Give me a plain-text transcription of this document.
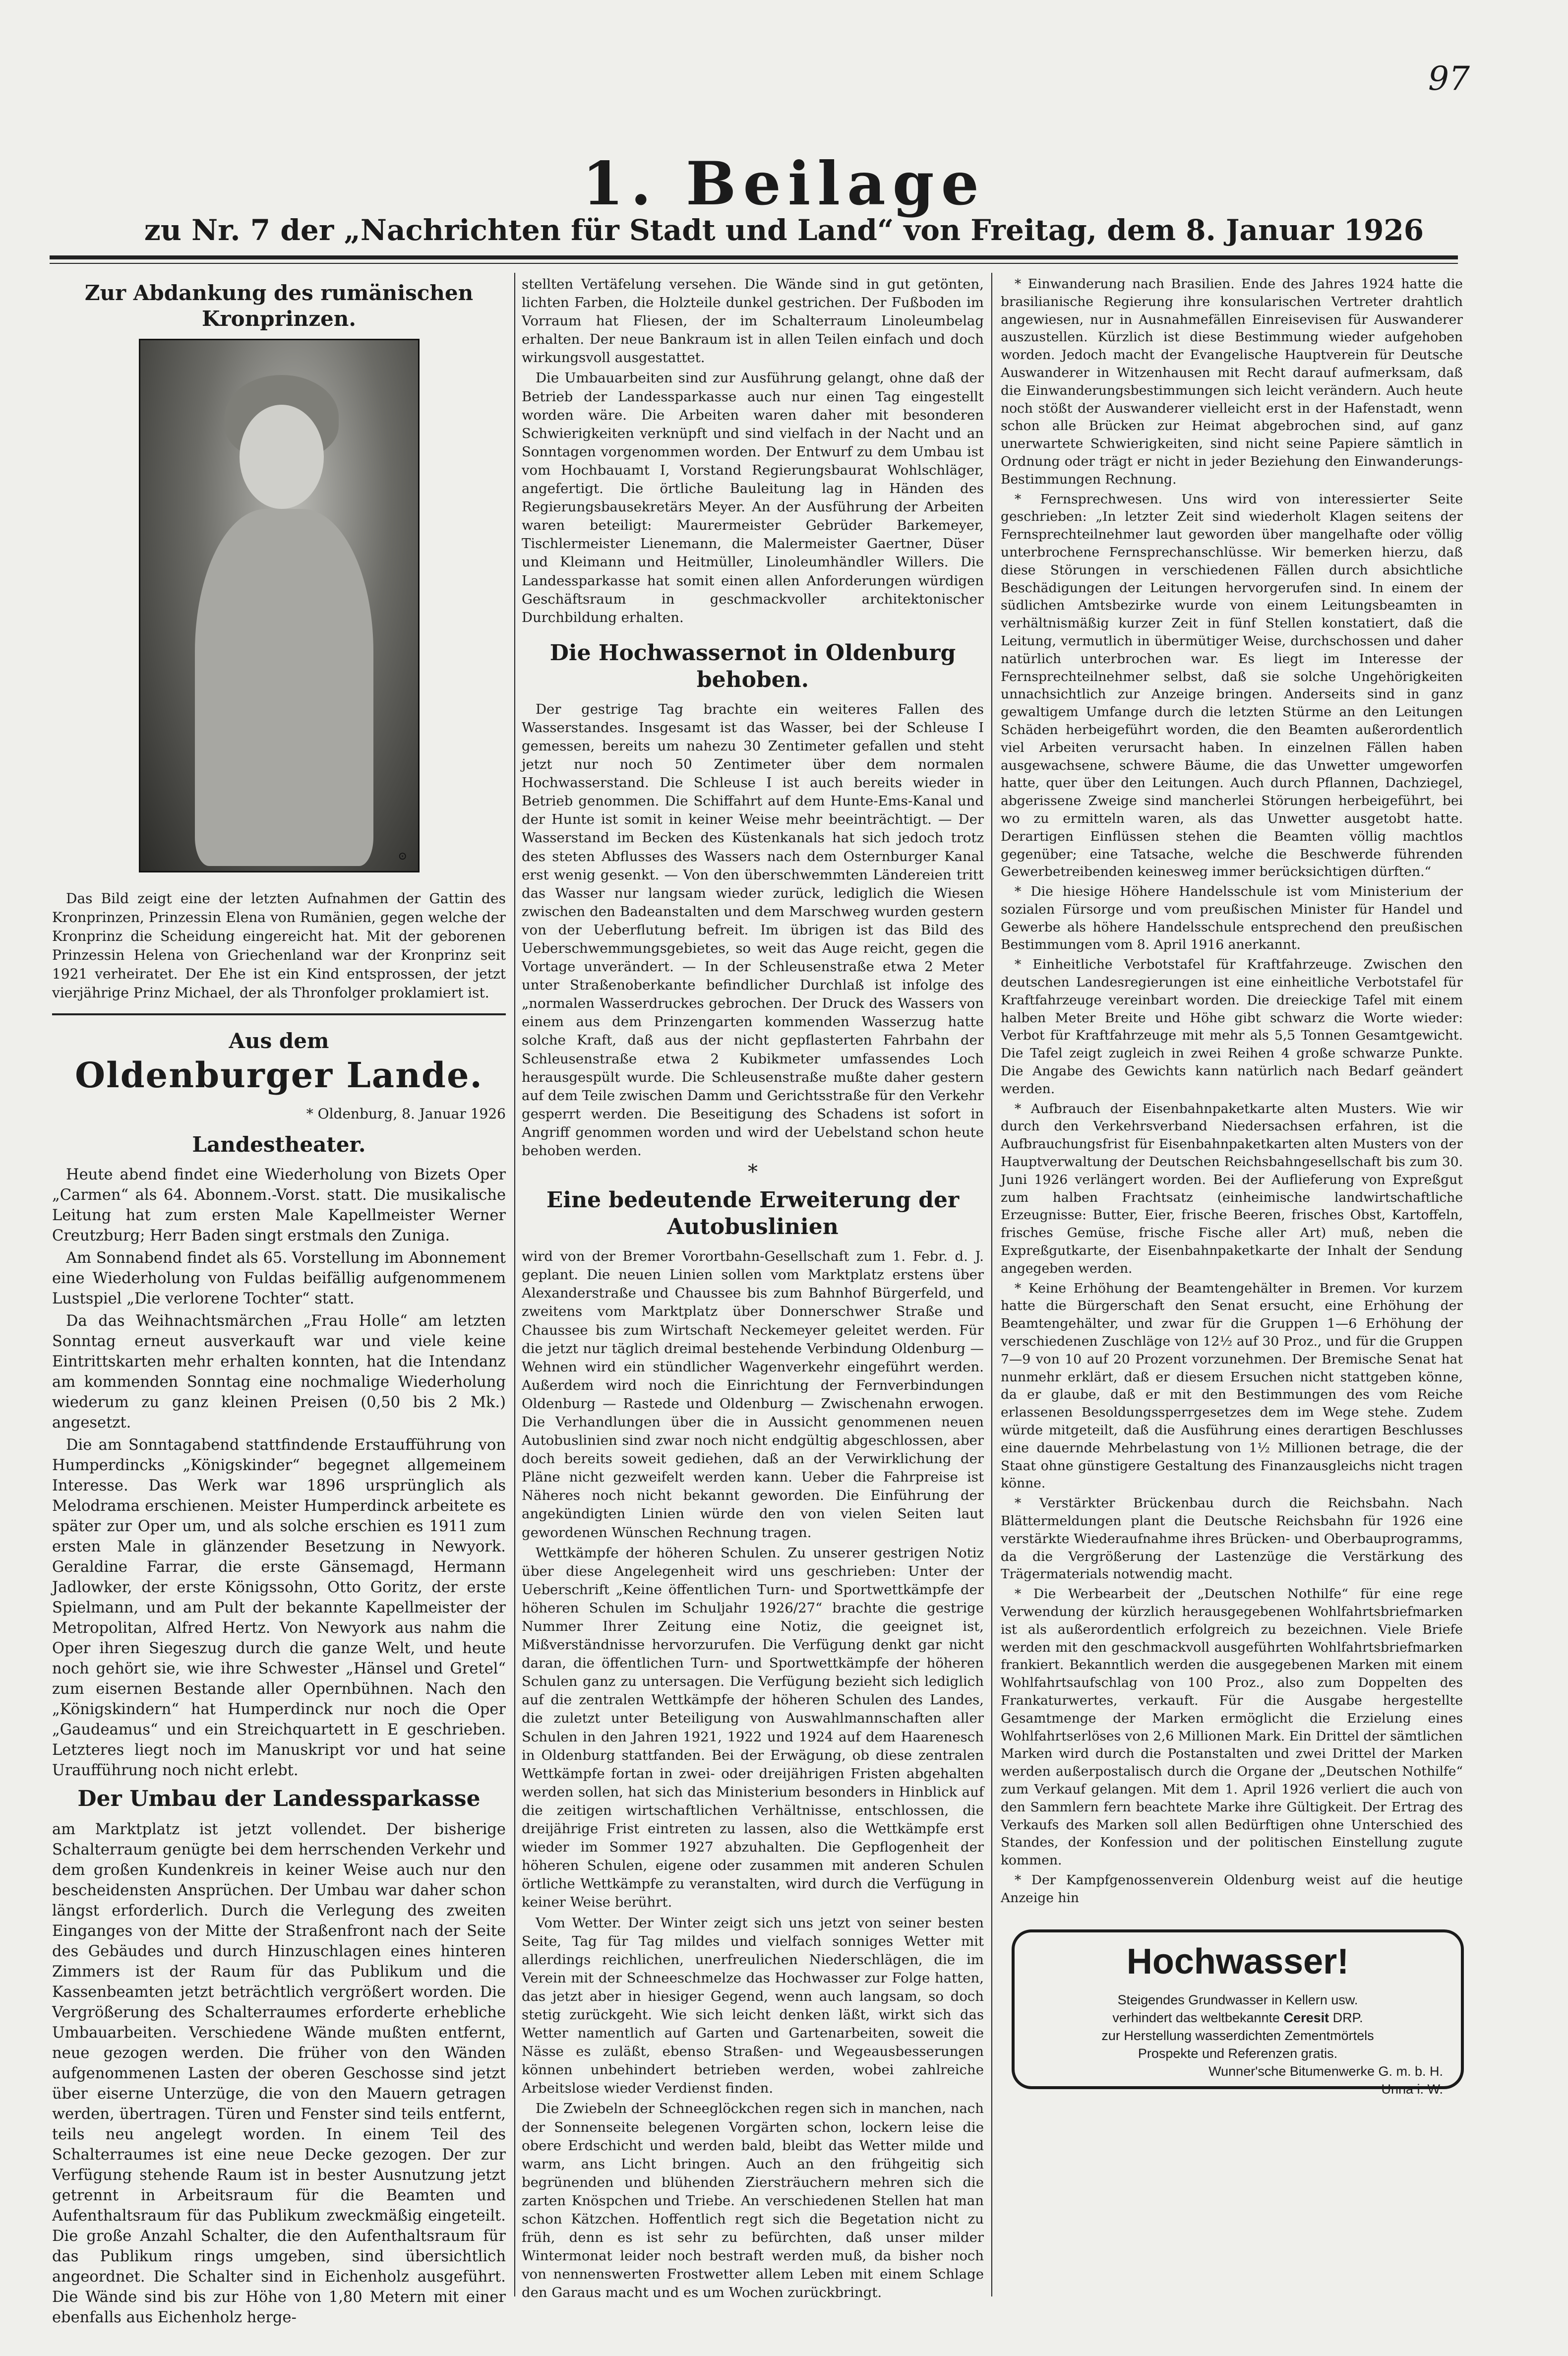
97
1. Beilage
zu Nr. 7 der „Nachrichten für Stadt und Land“ von Freitag, dem 8. Januar 1926
Zur Abdankung des rumänischen Kronprinzen.
⊙

Das Bild zeigt eine der letzten Aufnahmen der Gattin des Kronprinzen, Prinzessin Elena von Rumänien, gegen welche der Kronprinz die Scheidung eingereicht hat. Mit der geborenen Prinzessin Helena von Griechenland war der Kronprinz seit 1921 verheiratet. Der Ehe ist ein Kind entsprossen, der jetzt vierjährige Prinz Michael, der als Thronfolger proklamiert ist.

Aus dem
Oldenburger Lande.
* Oldenburg, 8. Januar 1926
Landestheater.

Heute abend findet eine Wiederholung von Bizets Oper „Carmen“ als 64. Abonnem.-Vorst. statt. Die musikalische Leitung hat zum ersten Male Kapellmeister Werner Creutzburg; Herr Baden singt erstmals den Zuniga.

Am Sonnabend findet als 65. Vorstellung im Abonnement eine Wiederholung von Fuldas beifällig aufgenommenem Lustspiel „Die verlorene Tochter“ statt.

Da das Weihnachtsmärchen „Frau Holle“ am letzten Sonntag erneut ausverkauft war und viele keine Eintrittskarten mehr erhalten konnten, hat die Intendanz am kommenden Sonntag eine nochmalige Wiederholung wiederum zu ganz kleinen Preisen (0,50 bis 2 Mk.) angesetzt.

Die am Sonntagabend stattfindende Erstaufführung von Humperdincks „Königskinder“ begegnet allgemeinem Interesse. Das Werk war 1896 ursprünglich als Melodrama erschienen. Meister Humperdinck arbeitete es später zur Oper um, und als solche erschien es 1911 zum ersten Male in glänzender Besetzung in Newyork. Geraldine Farrar, die erste Gänsemagd, Hermann Jadlowker, der erste Königssohn, Otto Goritz, der erste Spielmann, und am Pult der bekannte Kapellmeister der Metropolitan, Alfred Hertz. Von Newyork aus nahm die Oper ihren Siegeszug durch die ganze Welt, und heute noch gehört sie, wie ihre Schwester „Hänsel und Gretel“ zum eisernen Bestande aller Opernbühnen. Nach den „Königskindern“ hat Humperdinck nur noch die Oper „Gaudeamus“ und ein Streichquartett in E geschrieben. Letzteres liegt noch im Manuskript vor und hat seine Uraufführung noch nicht erlebt.

Der Umbau der Landessparkasse

am Marktplatz ist jetzt vollendet. Der bisherige Schalterraum genügte bei dem herrschenden Verkehr und dem großen Kundenkreis in keiner Weise auch nur den bescheidensten Ansprüchen. Der Umbau war daher schon längst erforderlich. Durch die Verlegung des zweiten Einganges von der Mitte der Straßenfront nach der Seite des Gebäudes und durch Hinzuschlagen eines hinteren Zimmers ist der Raum für das Publikum und die Kassenbeamten jetzt beträchtlich vergrößert worden. Die Vergrößerung des Schalterraumes erforderte erhebliche Umbauarbeiten. Verschiedene Wände mußten entfernt, neue gezogen werden. Die früher von den Wänden aufgenommenen Lasten der oberen Geschosse sind jetzt über eiserne Unterzüge, die von den Mauern getragen werden, übertragen. Türen und Fenster sind teils entfernt, teils neu angelegt worden. In einem Teil des Schalterraumes ist eine neue Decke gezogen. Der zur Verfügung stehende Raum ist in bester Ausnutzung jetzt getrennt in Arbeitsraum für die Beamten und Aufenthaltsraum für das Publikum zweckmäßig eingeteilt. Die große Anzahl Schalter, die den Aufenthaltsraum für das Publikum rings umgeben, sind übersichtlich angeordnet. Die Schalter sind in Eichenholz ausgeführt. Die Wände sind bis zur Höhe von 1,80 Metern mit einer ebenfalls aus Eichenholz herge-

stellten Vertäfelung versehen. Die Wände sind in gut getönten, lichten Farben, die Holzteile dunkel gestrichen. Der Fußboden im Vorraum hat Fliesen, der im Schalterraum Linoleumbelag erhalten. Der neue Bankraum ist in allen Teilen einfach und doch wirkungsvoll ausgestattet.

Die Umbauarbeiten sind zur Ausführung gelangt, ohne daß der Betrieb der Landessparkasse auch nur einen Tag eingestellt worden wäre. Die Arbeiten waren daher mit besonderen Schwierigkeiten verknüpft und sind vielfach in der Nacht und an Sonntagen vorgenommen worden. Der Entwurf zu dem Umbau ist vom Hochbauamt I, Vorstand Regierungsbaurat Wohlschläger, angefertigt. Die örtliche Bauleitung lag in Händen des Regierungsbausekretärs Meyer. An der Ausführung der Arbeiten waren beteiligt: Maurermeister Gebrüder Barkemeyer, Tischlermeister Lienemann, die Malermeister Gaertner, Düser und Kleimann und Heitmüller, Linoleumhändler Willers. Die Landessparkasse hat somit einen allen Anforderungen würdigen Geschäftsraum in geschmackvoller architektonischer Durchbildung erhalten.

Die Hochwassernot in Oldenburg behoben.

Der gestrige Tag brachte ein weiteres Fallen des Wasserstandes. Insgesamt ist das Wasser, bei der Schleuse I gemessen, bereits um nahezu 30 Zentimeter gefallen und steht jetzt nur noch 50 Zentimeter über dem normalen Hochwasserstand. Die Schleuse I ist auch bereits wieder in Betrieb genommen. Die Schiffahrt auf dem Hunte-Ems-Kanal und der Hunte ist somit in keiner Weise mehr beeinträchtigt. — Der Wasserstand im Becken des Küstenkanals hat sich jedoch trotz des steten Abflusses des Wassers nach dem Osternburger Kanal erst wenig gesenkt. — Von den überschwemmten Ländereien tritt das Wasser nur langsam wieder zurück, lediglich die Wiesen zwischen den Badeanstalten und dem Marschweg wurden gestern von der Ueberflutung befreit. Im übrigen ist das Bild des Ueberschwemmungsgebietes, so weit das Auge reicht, gegen die Vortage unverändert. — In der Schleusenstraße etwa 2 Meter unter Straßenoberkante befindlicher Durchlaß ist infolge des „normalen Wasserdruckes gebrochen. Der Druck des Wassers von einem aus dem Prinzengarten kommenden Wasserzug hatte solche Kraft, daß aus der nicht gepflasterten Fahrbahn der Schleusenstraße etwa 2 Kubikmeter umfassendes Loch herausgespült wurde. Die Schleusenstraße mußte daher gestern auf dem Teile zwischen Damm und Gerichtsstraße für den Verkehr gesperrt werden. Die Beseitigung des Schadens ist sofort in Angriff genommen worden und wird der Uebelstand schon heute behoben werden.

*
Eine bedeutende Erweiterung der Autobuslinien

wird von der Bremer Vorortbahn-Gesellschaft zum 1. Febr. d. J. geplant. Die neuen Linien sollen vom Marktplatz erstens über Alexanderstraße und Chaussee bis zum Bahnhof Bürgerfeld, und zweitens vom Marktplatz über Donnerschwer Straße und Chaussee bis zum Wirtschaft Neckemeyer geleitet werden. Für die jetzt nur täglich dreimal bestehende Verbindung Oldenburg — Wehnen wird ein stündlicher Wagenverkehr eingeführt werden. Außerdem wird noch die Einrichtung der Fernverbindungen Oldenburg — Rastede und Oldenburg — Zwischenahn erwogen. Die Verhandlungen über die in Aussicht genommenen neuen Autobuslinien sind zwar noch nicht endgültig abgeschlossen, aber doch bereits soweit gediehen, daß an der Verwirklichung der Pläne nicht gezweifelt werden kann. Ueber die Fahrpreise ist Näheres noch nicht bekannt geworden. Die Einführung der angekündigten Linien würde den von vielen Seiten laut gewordenen Wünschen Rechnung tragen.

Wettkämpfe der höheren Schulen. Zu unserer gestrigen Notiz über diese Angelegenheit wird uns geschrieben: Unter der Ueberschrift „Keine öffentlichen Turn- und Sportwettkämpfe der höheren Schulen im Schuljahr 1926/27“ brachte die gestrige Nummer Ihrer Zeitung eine Notiz, die geeignet ist, Mißverständnisse hervorzurufen. Die Verfügung denkt gar nicht daran, die öffentlichen Turn- und Sportwettkämpfe der höheren Schulen ganz zu untersagen. Die Verfügung bezieht sich lediglich auf die zentralen Wettkämpfe der höheren Schulen des Landes, die zuletzt unter Beteiligung von Auswahlmannschaften aller Schulen in den Jahren 1921, 1922 und 1924 auf dem Haarenesch in Oldenburg stattfanden. Bei der Erwägung, ob diese zentralen Wettkämpfe fortan in zwei- oder dreijährigen Fristen abgehalten werden sollen, hat sich das Ministerium besonders in Hinblick auf die zeitigen wirtschaftlichen Verhältnisse, entschlossen, die dreijährige Frist eintreten zu lassen, also die Wettkämpfe erst wieder im Sommer 1927 abzuhalten. Die Gepflogenheit der höheren Schulen, eigene oder zusammen mit anderen Schulen örtliche Wettkämpfe zu veranstalten, wird durch die Verfügung in keiner Weise berührt.

Vom Wetter. Der Winter zeigt sich uns jetzt von seiner besten Seite, Tag für Tag mildes und vielfach sonniges Wetter mit allerdings reichlichen, unerfreulichen Niederschlägen, die im Verein mit der Schneeschmelze das Hochwasser zur Folge hatten, das jetzt aber in hiesiger Gegend, wenn auch langsam, so doch stetig zurückgeht. Wie sich leicht denken läßt, wirkt sich das Wetter namentlich auf Garten und Gartenarbeiten, soweit die Nässe es zuläßt, ebenso Straßen- und Wegeausbesserungen können unbehindert betrieben werden, wobei zahlreiche Arbeitslose wieder Verdienst finden.

Die Zwiebeln der Schneeglöckchen regen sich in manchen, nach der Sonnenseite belegenen Vorgärten schon, lockern leise die obere Erdschicht und werden bald, bleibt das Wetter milde und warm, ans Licht bringen. Auch an den frühgeitig sich begrünenden und blühenden Ziersträuchern mehren sich die zarten Knöspchen und Triebe. An verschiedenen Stellen hat man schon Kätzchen. Hoffentlich regt sich die Begetation nicht zu früh, denn es ist sehr zu befürchten, daß unser milder Wintermonat leider noch bestraft werden muß, da bisher noch von nennenswerten Frostwetter allem Leben mit einem Schlage den Garaus macht und es um Wochen zurückbringt.

* Einwanderung nach Brasilien. Ende des Jahres 1924 hatte die brasilianische Regierung ihre konsularischen Vertreter drahtlich angewiesen, nur in Ausnahmefällen Einreisevisen für Auswanderer auszustellen. Kürzlich ist diese Bestimmung wieder aufgehoben worden. Jedoch macht der Evangelische Hauptverein für Deutsche Auswanderer in Witzenhausen mit Recht darauf aufmerksam, daß die Einwanderungsbestimmungen sich leicht verändern. Auch heute noch stößt der Auswanderer vielleicht erst in der Hafenstadt, wenn schon alle Brücken zur Heimat abgebrochen sind, auf ganz unerwartete Schwierigkeiten, sind nicht seine Papiere sämtlich in Ordnung oder trägt er nicht in jeder Beziehung den Einwanderungs-Bestimmungen Rechnung.

* Fernsprechwesen. Uns wird von interessierter Seite geschrieben: „In letzter Zeit sind wiederholt Klagen seitens der Fernsprechteilnehmer laut geworden über mangelhafte oder völlig unterbrochene Fernsprechanschlüsse. Wir bemerken hierzu, daß diese Störungen in verschiedenen Fällen durch absichtliche Beschädigungen der Leitungen hervorgerufen sind. In einem der südlichen Amtsbezirke wurde von einem Leitungsbeamten in verhältnismäßig kurzer Zeit in fünf Stellen konstatiert, daß die Leitung, vermutlich in übermütiger Weise, durchschossen und daher natürlich unterbrochen war. Es liegt im Interesse der Fernsprechteilnehmer selbst, daß sie solche Ungehörigkeiten unnachsichtlich zur Anzeige bringen. Anderseits sind in ganz gewaltigem Umfange durch die letzten Stürme an den Leitungen Schäden herbeigeführt worden, die den Beamten außerordentlich viel Arbeiten verursacht haben. In einzelnen Fällen haben ausgewachsene, schwere Bäume, die das Unwetter umgeworfen hatte, quer über den Leitungen. Auch durch Pflannen, Dachziegel, abgerissene Zweige sind mancherlei Störungen herbeigeführt, bei wo zu ermitteln waren, als das Unwetter ausgetobt hatte. Derartigen Einflüssen stehen die Beamten völlig machtlos gegenüber; eine Tatsache, welche die Beschwerde führenden Gewerbetreibenden keinesweg immer berücksichtigen dürften.“

* Die hiesige Höhere Handelsschule ist vom Ministerium der sozialen Fürsorge und vom preußischen Minister für Handel und Gewerbe als höhere Handelsschule entsprechend den preußischen Bestimmungen vom 8. April 1916 anerkannt.

* Einheitliche Verbotstafel für Kraftfahrzeuge. Zwischen den deutschen Landesregierungen ist eine einheitliche Verbotstafel für Kraftfahrzeuge vereinbart worden. Die dreieckige Tafel mit einem halben Meter Breite und Höhe gibt schwarz die Worte wieder: Verbot für Kraftfahrzeuge mit mehr als 5,5 Tonnen Gesamtgewicht. Die Tafel zeigt zugleich in zwei Reihen 4 große schwarze Punkte. Die Angabe des Gewichts kann natürlich nach Bedarf geändert werden.

* Aufbrauch der Eisenbahnpaketkarte alten Musters. Wie wir durch den Verkehrsverband Niedersachsen erfahren, ist die Aufbrauchungsfrist für Eisenbahnpaketkarten alten Musters von der Hauptverwaltung der Deutschen Reichsbahngesellschaft bis zum 30. Juni 1926 verlängert worden. Bei der Auflieferung von Expreßgut zum halben Frachtsatz (einheimische landwirtschaftliche Erzeugnisse: Butter, Eier, frische Beeren, frisches Obst, Kartoffeln, frisches Gemüse, frische Fische aller Art) muß, neben die Expreßgutkarte, der Eisenbahnpaketkarte der Inhalt der Sendung angegeben werden.

* Keine Erhöhung der Beamtengehälter in Bremen. Vor kurzem hatte die Bürgerschaft den Senat ersucht, eine Erhöhung der Beamtengehälter, und zwar für die Gruppen 1—6 Erhöhung der verschiedenen Zuschläge von 12½ auf 30 Proz., und für die Gruppen 7—9 von 10 auf 20 Prozent vorzunehmen. Der Bremische Senat hat nunmehr erklärt, daß er diesem Ersuchen nicht stattgeben könne, da er glaube, daß er mit den Bestimmungen des vom Reiche erlassenen Besoldungssperrgesetzes dem im Wege stehe. Zudem würde mitgeteilt, daß die Ausführung eines derartigen Beschlusses eine dauernde Mehrbelastung von 1½ Millionen betrage, die der Staat ohne günstigere Gestaltung des Finanzausgleichs nicht tragen könne.

* Verstärkter Brückenbau durch die Reichsbahn. Nach Blättermeldungen plant die Deutsche Reichsbahn für 1926 eine verstärkte Wiederaufnahme ihres Brücken- und Oberbauprogramms, da die Vergrößerung der Lastenzüge die Verstärkung des Trägermaterials notwendig macht.

* Die Werbearbeit der „Deutschen Nothilfe“ für eine rege Verwendung der kürzlich herausgegebenen Wohlfahrtsbriefmarken ist als außerordentlich erfolgreich zu bezeichnen. Viele Briefe werden mit den geschmackvoll ausgeführten Wohlfahrtsbriefmarken frankiert. Bekanntlich werden die ausgegebenen Marken mit einem Wohlfahrtsaufschlag von 100 Proz., also zum Doppelten des Frankaturwertes, verkauft. Für die Ausgabe hergestellte Gesamtmenge der Marken ermöglicht die Erzielung eines Wohlfahrtserlöses von 2,6 Millionen Mark. Ein Drittel der sämtlichen Marken wird durch die Postanstalten und zwei Drittel der Marken werden außerpostalisch durch die Organe der „Deutschen Nothilfe“ zum Verkauf gelangen. Mit dem 1. April 1926 verliert die auch von den Sammlern fern beachtete Marke ihre Gültigkeit. Der Ertrag des Verkaufs des Marken soll allen Bedürftigen ohne Unterschied des Standes, der Konfession und der politischen Einstellung zugute kommen.

* Der Kampfgenossenverein Oldenburg weist auf die heutige Anzeige hin

Hochwasser!
Steigendes Grundwasser in Kellern usw.
verhindert das weltbekannte Ceresit DRP.
zur Herstellung wasserdichten Zementmörtels
Prospekte und Referenzen gratis.
Wunner'sche Bitumenwerke G. m. b. H.
Unna i. W.
